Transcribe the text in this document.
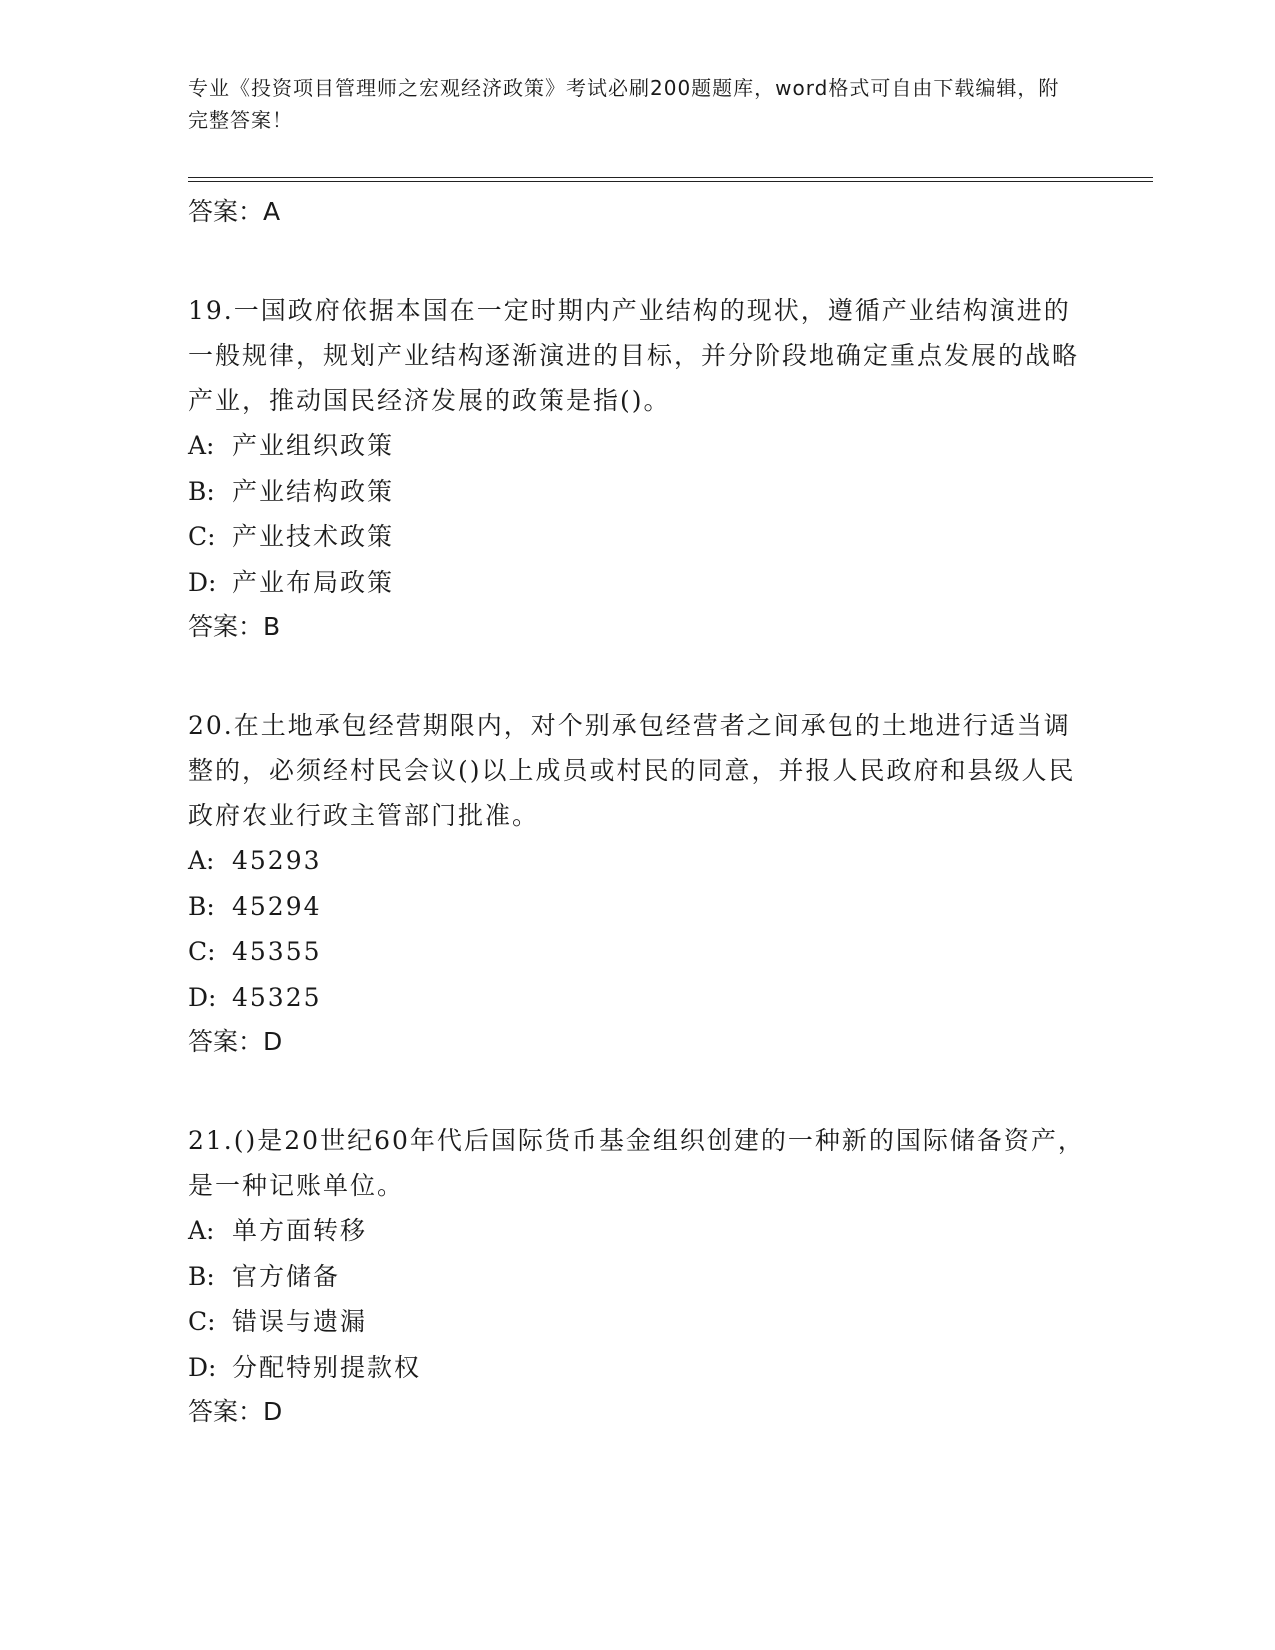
专业《投资项目管理师之宏观经济政策》考试必刷200题题库，word格式可自由下载编辑，附完整答案！

答案：A

19.一国政府依据本国在一定时期内产业结构的现状，遵循产业结构演进的一般规律，规划产业结构逐渐演进的目标，并分阶段地确定重点发展的战略产业，推动国民经济发展的政策是指()。

A: 产业组织政策
B: 产业结构政策
C: 产业技术政策
D: 产业布局政策
答案：B

20.在土地承包经营期限内，对个别承包经营者之间承包的土地进行适当调整的，必须经村民会议()以上成员或村民的同意，并报人民政府和县级人民政府农业行政主管部门批准。

A: 45293
B: 45294
C: 45355
D: 45325
答案：D

21.()是20世纪60年代后国际货币基金组织创建的一种新的国际储备资产，是一种记账单位。

A: 单方面转移
B: 官方储备
C: 错误与遗漏
D: 分配特别提款权
答案：D
